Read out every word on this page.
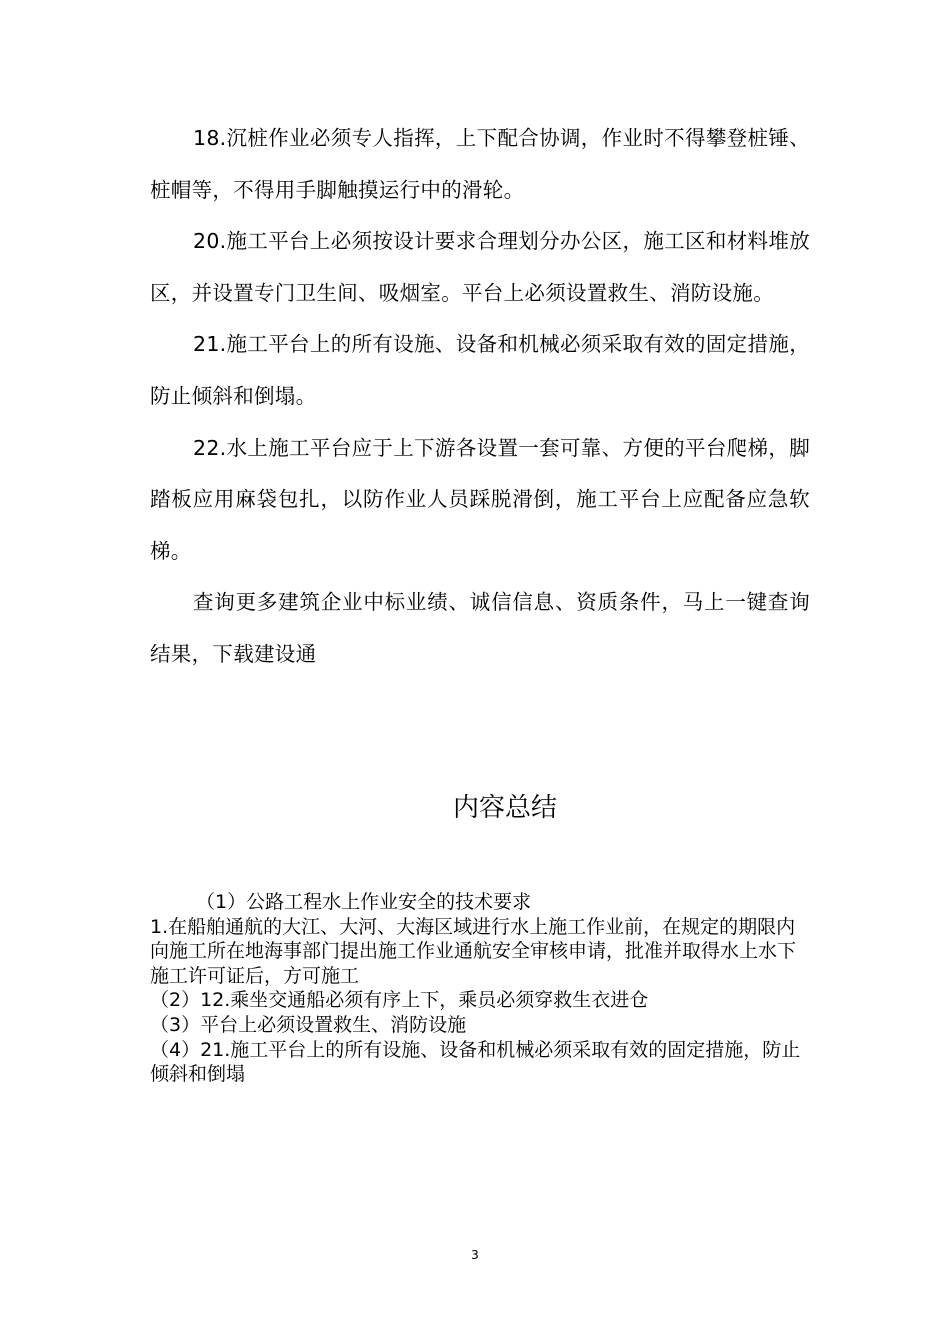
18.沉桩作业必须专人指挥，上下配合协调，作业时不得攀登桩锤、桩帽等，不得用手脚触摸运行中的滑轮。

20.施工平台上必须按设计要求合理划分办公区，施工区和材料堆放区，并设置专门卫生间、吸烟室。平台上必须设置救生、消防设施。

21.施工平台上的所有设施、设备和机械必须采取有效的固定措施，防止倾斜和倒塌。

22.水上施工平台应于上下游各设置一套可靠、方便的平台爬梯，脚踏板应用麻袋包扎，以防作业人员踩脱滑倒，施工平台上应配备应急软梯。

查询更多建筑企业中标业绩、诚信信息、资质条件，马上一键查询结果，下载建设通

内容总结

（1）公路工程水上作业安全的技术要求

1.在船舶通航的大江、大河、大海区域进行水上施工作业前，在规定的期限内向施工所在地海事部门提出施工作业通航安全审核申请，批准并取得水上水下施工许可证后，方可施工

（2）12.乘坐交通船必须有序上下，乘员必须穿救生衣进仓

（3）平台上必须设置救生、消防设施

（4）21.施工平台上的所有设施、设备和机械必须采取有效的固定措施，防止倾斜和倒塌

3
